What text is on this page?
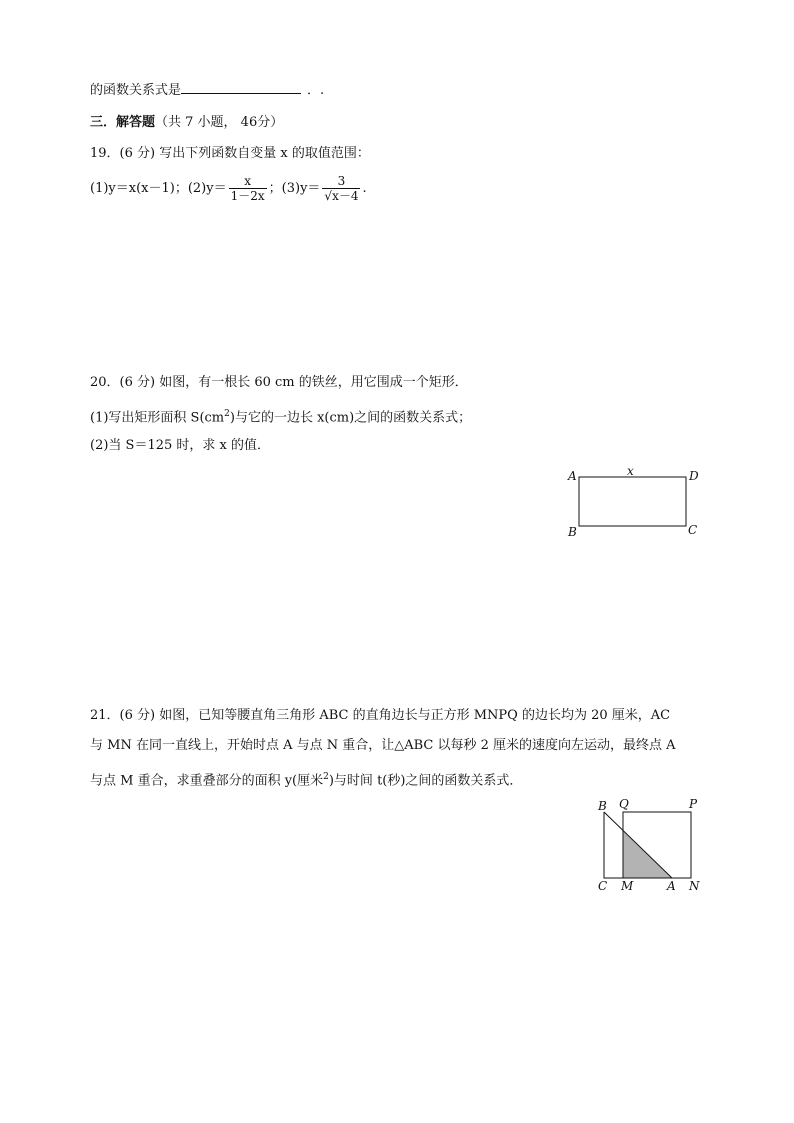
的函数关系式是	．.
三．解答题（共 7 小题， 46分）
19．(6 分) 写出下列函数自变量 x 的取值范围：
(1)y＝x(x－1)；$(2)y= \frac{x}{1-2x}$ ；$(3)y= \frac{3}{√x-4}$ .
20．(6 分) 如图，有一根长 60 cm 的铁丝，用它围成一个矩形．
(1)写出矩形面积 $S(cm^2)$与它的一边长 x(cm)之间的函数关系式；
(2)当 S＝125 时，求 x 的值．
A	x	D
B	C
21．(6 分) 如图，已知等腰直角三角形 ABC 的直角边长与正方形 MNPQ 的边长均为 20 厘米，AC
与 MN 在同一直线上，开始时点 A 与点 N 重合，让△ABC 以每秒 2 厘米的速度向左运动，最终点 A
与点 M 重合，求重叠部分的面积 y(厘米$^2$)与时间 t(秒)之间的函数关系式．
B Q	P
C M	A N
